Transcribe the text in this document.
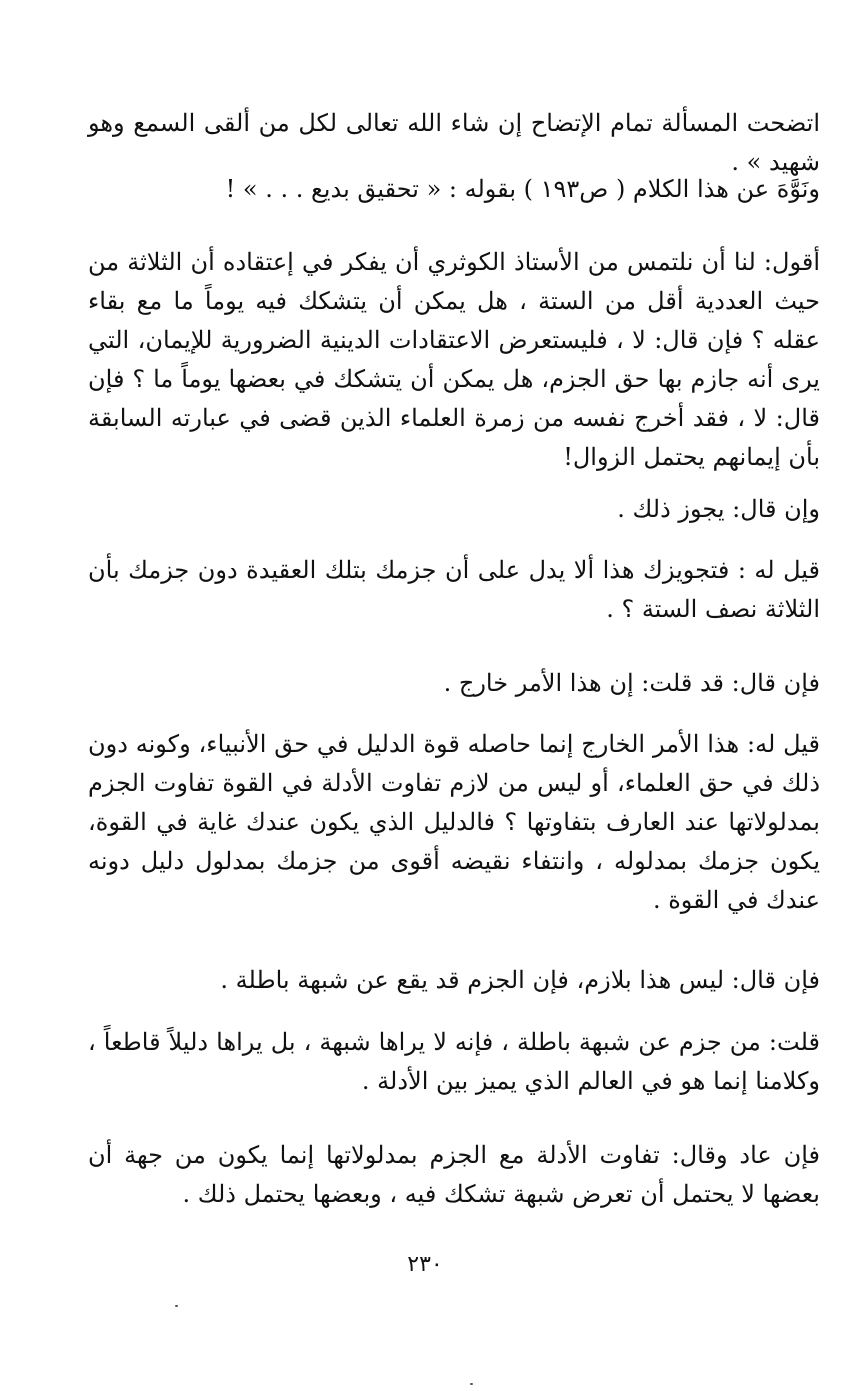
اتضحت المسألة تمام الإتضاح إن شاء الله تعالى لكل من ألقى السمع وهو شهيد » .
ونَوَّهَ عن هذا الكلام ( ص١٩٣ ) بقوله : « تحقيق بديع . . . » !
أقول: لنا أن نلتمس من الأستاذ الكوثري أن يفكر في إعتقاده أن الثلاثة من حيث العددية أقل من الستة ، هل يمكن أن يتشكك فيه يوماً ما مع بقاء عقله ؟ فإن قال: لا ، فليستعرض الاعتقادات الدينية الضرورية للإيمان، التي يرى أنه جازم بها حق الجزم، هل يمكن أن يتشكك في بعضها يوماً ما ؟ فإن قال: لا ، فقد أخرج نفسه من زمرة العلماء الذين قضى في عبارته السابقة بأن إيمانهم يحتمل الزوال!
وإن قال: يجوز ذلك .
قيل له : فتجويزك هذا ألا يدل على أن جزمك بتلك العقيدة دون جزمك بأن الثلاثة نصف الستة ؟ .
فإن قال: قد قلت: إن هذا الأمر خارج .
قيل له: هذا الأمر الخارج إنما حاصله قوة الدليل في حق الأنبياء، وكونه دون ذلك في حق العلماء، أو ليس من لازم تفاوت الأدلة في القوة تفاوت الجزم بمدلولاتها عند العارف بتفاوتها ؟ فالدليل الذي يكون عندك غاية في القوة، يكون جزمك بمدلوله ، وانتفاء نقيضه أقوى من جزمك بمدلول دليل دونه عندك في القوة .
فإن قال: ليس هذا بلازم، فإن الجزم قد يقع عن شبهة باطلة .
قلت: من جزم عن شبهة باطلة ، فإنه لا يراها شبهة ، بل يراها دليلاً قاطعاً ، وكلامنا إنما هو في العالم الذي يميز بين الأدلة .
فإن عاد وقال: تفاوت الأدلة مع الجزم بمدلولاتها إنما يكون من جهة أن بعضها لا يحتمل أن تعرض شبهة تشكك فيه ، وبعضها يحتمل ذلك .
٢٣٠
